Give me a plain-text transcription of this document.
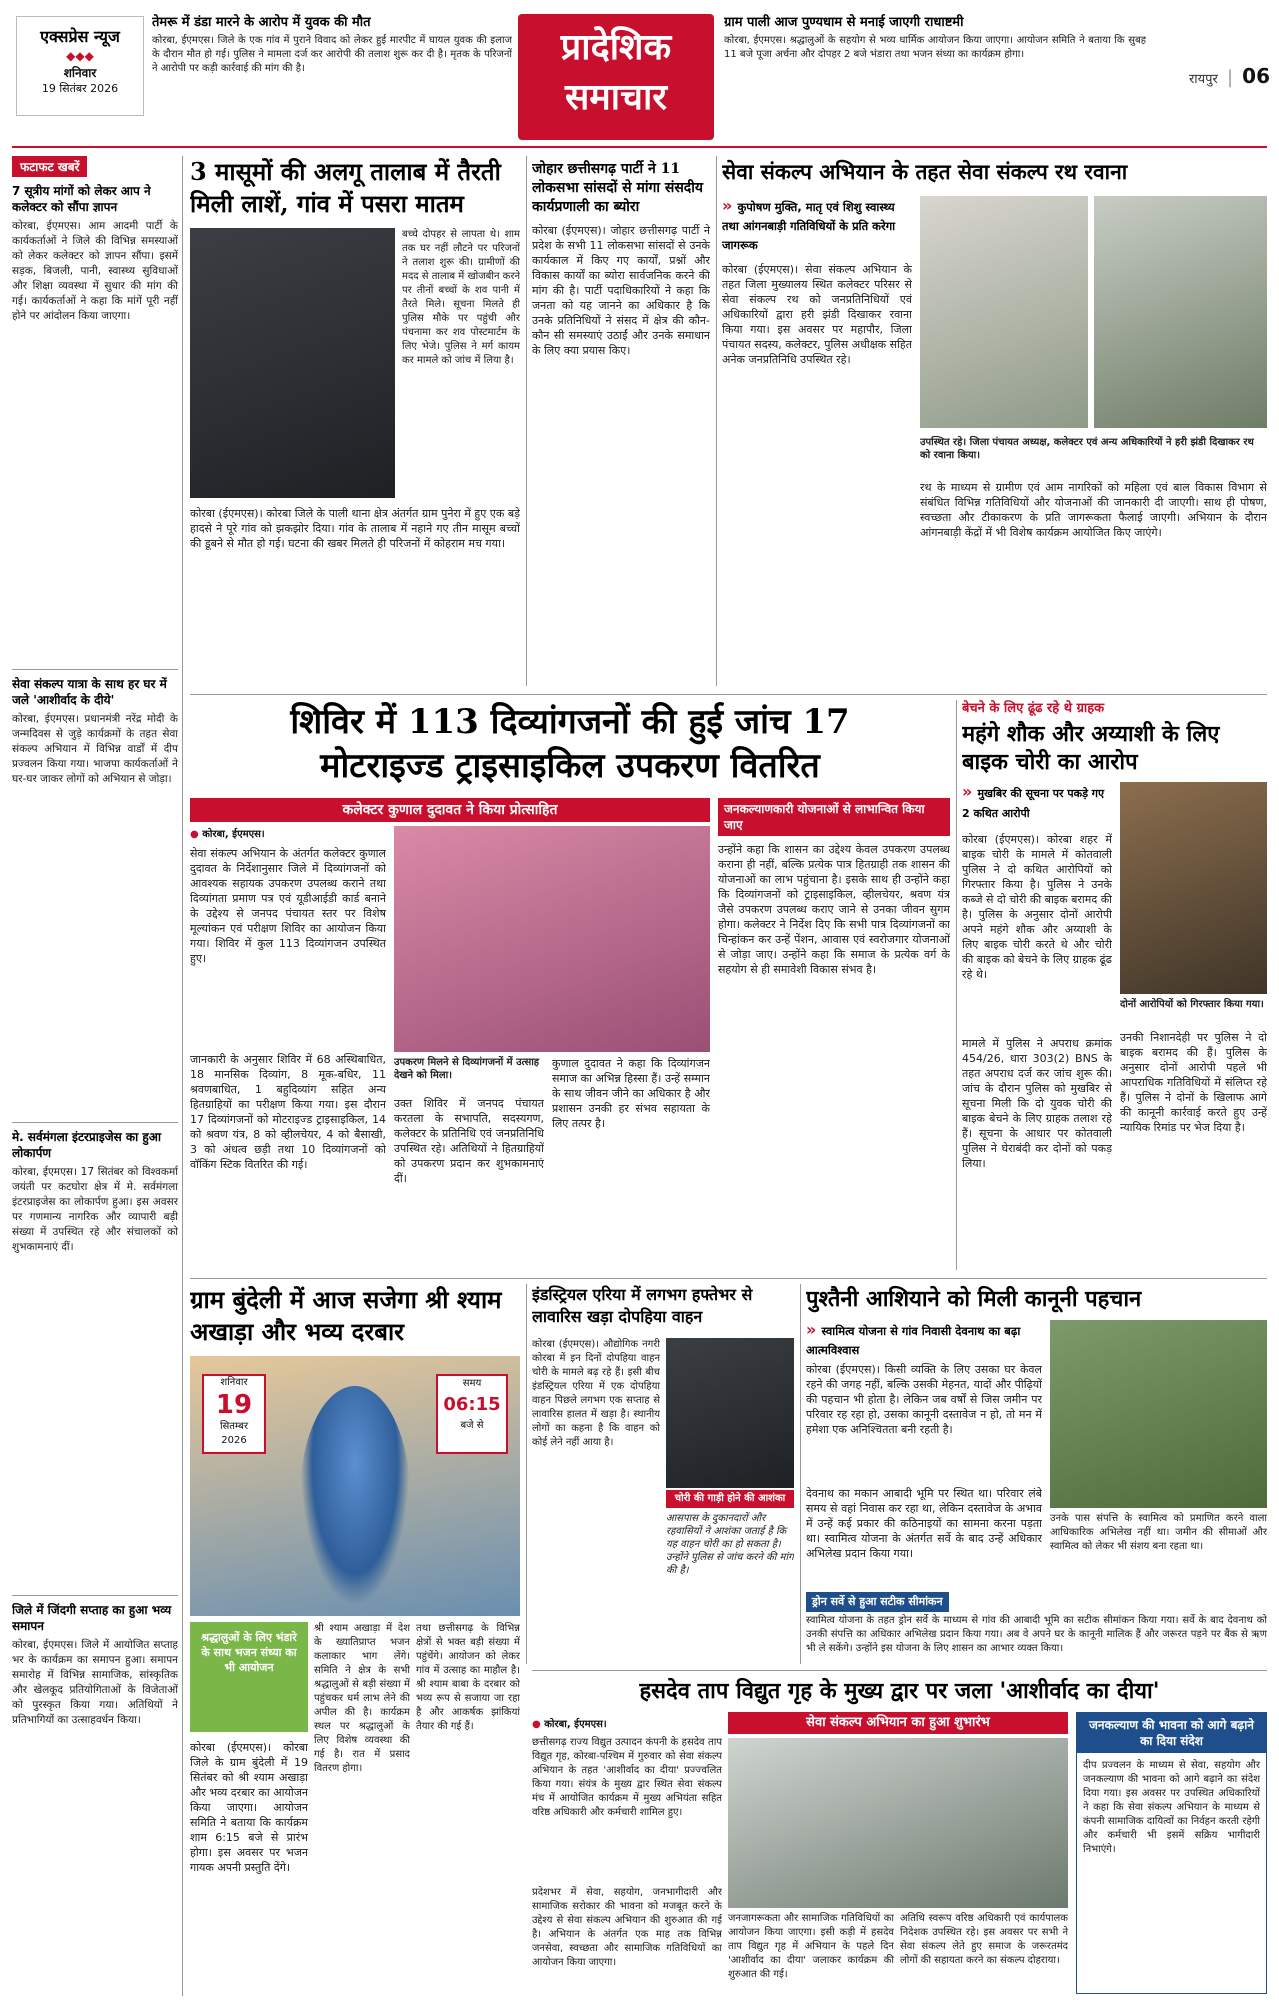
एक्सप्रेस न्यूज
◆◆◆
शनिवार
19 सितंबर 2026
तेमरू में डंडा मारने के आरोप में युवक की मौत
कोरबा, ईएमएस। जिले के एक गांव में पुराने विवाद को लेकर हुई मारपीट में घायल युवक की इलाज के दौरान मौत हो गई। पुलिस ने मामला दर्ज कर आरोपी की तलाश शुरू कर दी है। मृतक के परिजनों ने आरोपी पर कड़ी कार्रवाई की मांग की है।
प्रादेशिक
समाचार
ग्राम पाली आज पुण्यधाम से मनाई जाएगी राधाष्टमी
कोरबा, ईएमएस। श्रद्धालुओं के सहयोग से भव्य धार्मिक आयोजन किया जाएगा। आयोजन समिति ने बताया कि सुबह 11 बजे पूजा अर्चना और दोपहर 2 बजे भंडारा तथा भजन संध्या का कार्यक्रम होगा।
रायपुर | 06
फटाफट खबरें
7 सूत्रीय मांगों को लेकर आप ने कलेक्टर को सौंपा ज्ञापन
कोरबा, ईएमएस। आम आदमी पार्टी के कार्यकर्ताओं ने जिले की विभिन्न समस्याओं को लेकर कलेक्टर को ज्ञापन सौंपा। इसमें सड़क, बिजली, पानी, स्वास्थ्य सुविधाओं और शिक्षा व्यवस्था में सुधार की मांग की गई। कार्यकर्ताओं ने कहा कि मांगें पूरी नहीं होने पर आंदोलन किया जाएगा।
सेवा संकल्प यात्रा के साथ हर घर में जले 'आशीर्वाद के दीये'
कोरबा, ईएमएस। प्रधानमंत्री नरेंद्र मोदी के जन्मदिवस से जुड़े कार्यक्रमों के तहत सेवा संकल्प अभियान में विभिन्न वार्डों में दीप प्रज्वलन किया गया। भाजपा कार्यकर्ताओं ने घर-घर जाकर लोगों को अभियान से जोड़ा।
मे. सर्वमंगला इंटरप्राइजेस का हुआ लोकार्पण
कोरबा, ईएमएस। 17 सितंबर को विश्वकर्मा जयंती पर कटघोरा क्षेत्र में मे. सर्वमंगला इंटरप्राइजेस का लोकार्पण हुआ। इस अवसर पर गणमान्य नागरिक और व्यापारी बड़ी संख्या में उपस्थित रहे और संचालकों को शुभकामनाएं दीं।
जिले में जिंदगी सप्ताह का हुआ भव्य समापन
कोरबा, ईएमएस। जिले में आयोजित सप्ताह भर के कार्यक्रम का समापन हुआ। समापन समारोह में विभिन्न सामाजिक, सांस्कृतिक और खेलकूद प्रतियोगिताओं के विजेताओं को पुरस्कृत किया गया। अतिथियों ने प्रतिभागियों का उत्साहवर्धन किया।
3 मासूमों की अलगू तालाब में तैरती मिली लाशें, गांव में पसरा मातम
बच्चे दोपहर से लापता थे। शाम तक घर नहीं लौटने पर परिजनों ने तलाश शुरू की। ग्रामीणों की मदद से तालाब में खोजबीन करने पर तीनों बच्चों के शव पानी में तैरते मिले। सूचना मिलते ही पुलिस मौके पर पहुंची और पंचनामा कर शव पोस्टमार्टम के लिए भेजे। पुलिस ने मर्ग कायम कर मामले को जांच में लिया है।
कोरबा (ईएमएस)। कोरबा जिले के पाली थाना क्षेत्र अंतर्गत ग्राम पुनेरा में हुए एक बड़े हादसे ने पूरे गांव को झकझोर दिया। गांव के तालाब में नहाने गए तीन मासूम बच्चों की डूबने से मौत हो गई। घटना की खबर मिलते ही परिजनों में कोहराम मच गया।
जोहार छत्तीसगढ़ पार्टी ने 11 लोकसभा सांसदों से मांगा संसदीय कार्यप्रणाली का ब्योरा
कोरबा (ईएमएस)। जोहार छत्तीसगढ़ पार्टी ने प्रदेश के सभी 11 लोकसभा सांसदों से उनके कार्यकाल में किए गए कार्यों, प्रश्नों और विकास कार्यों का ब्योरा सार्वजनिक करने की मांग की है। पार्टी पदाधिकारियों ने कहा कि जनता को यह जानने का अधिकार है कि उनके प्रतिनिधियों ने संसद में क्षेत्र की कौन-कौन सी समस्याएं उठाईं और उनके समाधान के लिए क्या प्रयास किए।
सेवा संकल्प अभियान के तहत सेवा संकल्प रथ रवाना
» कुपोषण मुक्ति, मातृ एवं शिशु स्वास्थ्य तथा आंगनबाड़ी गतिविधियों के प्रति करेगा जागरूक
कोरबा (ईएमएस)। सेवा संकल्प अभियान के तहत जिला मुख्यालय स्थित कलेक्टर परिसर से सेवा संकल्प रथ को जनप्रतिनिधियों एवं अधिकारियों द्वारा हरी झंडी दिखाकर रवाना किया गया। इस अवसर पर महापौर, जिला पंचायत सदस्य, कलेक्टर, पुलिस अधीक्षक सहित अनेक जनप्रतिनिधि उपस्थित रहे।
उपस्थित रहे। जिला पंचायत अध्यक्ष, कलेक्टर एवं अन्य अधिकारियों ने हरी झंडी दिखाकर रथ को रवाना किया।
रथ के माध्यम से ग्रामीण एवं आम नागरिकों को महिला एवं बाल विकास विभाग से संबंधित विभिन्न गतिविधियों और योजनाओं की जानकारी दी जाएगी। साथ ही पोषण, स्वच्छता और टीकाकरण के प्रति जागरूकता फैलाई जाएगी। अभियान के दौरान आंगनबाड़ी केंद्रों में भी विशेष कार्यक्रम आयोजित किए जाएंगे।
शिविर में 113 दिव्यांगजनों की हुई जांच 17
मोटराइज्ड ट्राइसाइकिल उपकरण वितरित
कलेक्टर कुणाल दुदावत ने किया प्रोत्साहित
● कोरबा, ईएमएस।
सेवा संकल्प अभियान के अंतर्गत कलेक्टर कुणाल दुदावत के निर्देशानुसार जिले में दिव्यांगजनों को आवश्यक सहायक उपकरण उपलब्ध कराने तथा दिव्यांगता प्रमाण पत्र एवं यूडीआईडी कार्ड बनाने के उद्देश्य से जनपद पंचायत स्तर पर विशेष मूल्यांकन एवं परीक्षण शिविर का आयोजन किया गया। शिविर में कुल 113 दिव्यांगजन उपस्थित हुए।
जानकारी के अनुसार शिविर में 68 अस्थिबाधित, 18 मानसिक दिव्यांग, 8 मूक-बधिर, 11 श्रवणबाधित, 1 बहुदिव्यांग सहित अन्य हितग्राहियों का परीक्षण किया गया। इस दौरान 17 दिव्यांगजनों को मोटराइज्ड ट्राइसाइकिल, 14 को श्रवण यंत्र, 8 को व्हीलचेयर, 4 को बैसाखी, 3 को अंधत्व छड़ी तथा 10 दिव्यांगजनों को वॉकिंग स्टिक वितरित की गई।
उपकरण मिलने से दिव्यांगजनों में उत्साह देखने को मिला।
उक्त शिविर में जनपद पंचायत करतला के सभापति, सदस्यगण, कलेक्टर के प्रतिनिधि एवं जनप्रतिनिधि उपस्थित रहे। अतिथियों ने हितग्राहियों को उपकरण प्रदान कर शुभकामनाएं दीं।
कुणाल दुदावत ने कहा कि दिव्यांगजन समाज का अभिन्न हिस्सा हैं। उन्हें सम्मान के साथ जीवन जीने का अधिकार है और प्रशासन उनकी हर संभव सहायता के लिए तत्पर है।
जनकल्याणकारी योजनाओं से लाभान्वित किया जाए
उन्होंने कहा कि शासन का उद्देश्य केवल उपकरण उपलब्ध कराना ही नहीं, बल्कि प्रत्येक पात्र हितग्राही तक शासन की योजनाओं का लाभ पहुंचाना है। इसके साथ ही उन्होंने कहा कि दिव्यांगजनों को ट्राइसाइकिल, व्हीलचेयर, श्रवण यंत्र जैसे उपकरण उपलब्ध कराए जाने से उनका जीवन सुगम होगा। कलेक्टर ने निर्देश दिए कि सभी पात्र दिव्यांगजनों का चिन्हांकन कर उन्हें पेंशन, आवास एवं स्वरोजगार योजनाओं से जोड़ा जाए। उन्होंने कहा कि समाज के प्रत्येक वर्ग के सहयोग से ही समावेशी विकास संभव है।
बेचने के लिए ढूंढ रहे थे ग्राहक
महंगे शौक और अय्याशी के लिए बाइक चोरी का आरोप
» मुखबिर की सूचना पर पकड़े गए 2 कथित आरोपी
कोरबा (ईएमएस)। कोरबा शहर में बाइक चोरी के मामले में कोतवाली पुलिस ने दो कथित आरोपियों को गिरफ्तार किया है। पुलिस ने उनके कब्जे से दो चोरी की बाइक बरामद की है। पुलिस के अनुसार दोनों आरोपी अपने महंगे शौक और अय्याशी के लिए बाइक चोरी करते थे और चोरी की बाइक को बेचने के लिए ग्राहक ढूंढ रहे थे।
दोनों आरोपियों को गिरफ्तार किया गया।
मामले में पुलिस ने अपराध क्रमांक 454/26, धारा 303(2) BNS के तहत अपराध दर्ज कर जांच शुरू की। जांच के दौरान पुलिस को मुखबिर से सूचना मिली कि दो युवक चोरी की बाइक बेचने के लिए ग्राहक तलाश रहे हैं। सूचना के आधार पर कोतवाली पुलिस ने घेराबंदी कर दोनों को पकड़ लिया।
उनकी निशानदेही पर पुलिस ने दो बाइक बरामद की हैं। पुलिस के अनुसार दोनों आरोपी पहले भी आपराधिक गतिविधियों में संलिप्त रहे हैं। पुलिस ने दोनों के खिलाफ आगे की कानूनी कार्रवाई करते हुए उन्हें न्यायिक रिमांड पर भेज दिया है।
ग्राम बुंदेली में आज सजेगा श्री श्याम अखाड़ा और भव्य दरबार
शनिवार
19
सितम्बर
2026
समय
06:15
बजे से
श्रद्धालुओं के लिए भंडारे के साथ भजन संध्या का भी आयोजन
कोरबा (ईएमएस)। कोरबा जिले के ग्राम बुंदेली में 19 सितंबर को श्री श्याम अखाड़ा और भव्य दरबार का आयोजन किया जाएगा। आयोजन समिति ने बताया कि कार्यक्रम शाम 6:15 बजे से प्रारंभ होगा। इस अवसर पर भजन गायक अपनी प्रस्तुति देंगे।
श्री श्याम अखाड़ा में देश के ख्यातिप्राप्त भजन कलाकार भाग लेंगे। समिति ने क्षेत्र के सभी श्रद्धालुओं से बड़ी संख्या में पहुंचकर धर्म लाभ लेने की अपील की है। कार्यक्रम स्थल पर श्रद्धालुओं के लिए विशेष व्यवस्था की गई है। रात में प्रसाद वितरण होगा।
तथा छत्तीसगढ़ के विभिन्न क्षेत्रों से भक्त बड़ी संख्या में पहुंचेंगे। आयोजन को लेकर गांव में उत्साह का माहौल है। श्री श्याम बाबा के दरबार को भव्य रूप से सजाया जा रहा है और आकर्षक झांकियां तैयार की गई हैं।
इंडस्ट्रियल एरिया में लगभग हफ्तेभर से लावारिस खड़ा दोपहिया वाहन
कोरबा (ईएमएस)। औद्योगिक नगरी कोरबा में इन दिनों दोपहिया वाहन चोरी के मामले बढ़ रहे हैं। इसी बीच इंडस्ट्रियल एरिया में एक दोपहिया वाहन पिछले लगभग एक सप्ताह से लावारिस हालत में खड़ा है। स्थानीय लोगों का कहना है कि वाहन को कोई लेने नहीं आया है।
चोरी की गाड़ी होने की आशंका
आसपास के दुकानदारों और रहवासियों ने आशंका जताई है कि यह वाहन चोरी का हो सकता है। उन्होंने पुलिस से जांच करने की मांग की है।
पुश्तैनी आशियाने को मिली कानूनी पहचान
» स्वामित्व योजना से गांव निवासी देवनाथ का बढ़ा आत्मविश्वास
कोरबा (ईएमएस)। किसी व्यक्ति के लिए उसका घर केवल रहने की जगह नहीं, बल्कि उसकी मेहनत, यादों और पीढ़ियों की पहचान भी होता है। लेकिन जब वर्षों से जिस जमीन पर परिवार रह रहा हो, उसका कानूनी दस्तावेज न हो, तो मन में हमेशा एक अनिश्चितता बनी रहती है।
देवनाथ का मकान आबादी भूमि पर स्थित था। परिवार लंबे समय से वहां निवास कर रहा था, लेकिन दस्तावेज के अभाव में उन्हें कई प्रकार की कठिनाइयों का सामना करना पड़ता था। स्वामित्व योजना के अंतर्गत सर्वे के बाद उन्हें अधिकार अभिलेख प्रदान किया गया।
उनके पास संपत्ति के स्वामित्व को प्रमाणित करने वाला आधिकारिक अभिलेख नहीं था। जमीन की सीमाओं और स्वामित्व को लेकर भी संशय बना रहता था।
ड्रोन सर्वे से हुआ सटीक सीमांकन
स्वामित्व योजना के तहत ड्रोन सर्वे के माध्यम से गांव की आबादी भूमि का सटीक सीमांकन किया गया। सर्वे के बाद देवनाथ को उनकी संपत्ति का अधिकार अभिलेख प्रदान किया गया। अब वे अपने घर के कानूनी मालिक हैं और जरूरत पड़ने पर बैंक से ऋण भी ले सकेंगे। उन्होंने इस योजना के लिए शासन का आभार व्यक्त किया।
हसदेव ताप विद्युत गृह के मुख्य द्वार पर जला 'आशीर्वाद का दीया'
सेवा संकल्प अभियान का हुआ शुभारंभ
● कोरबा, ईएमएस।
छत्तीसगढ़ राज्य विद्युत उत्पादन कंपनी के हसदेव ताप विद्युत गृह, कोरबा-पश्चिम में गुरुवार को सेवा संकल्प अभियान के तहत 'आशीर्वाद का दीया' प्रज्ज्वलित किया गया। संयंत्र के मुख्य द्वार स्थित सेवा संकल्प मंच में आयोजित कार्यक्रम में मुख्य अभियंता सहित वरिष्ठ अधिकारी और कर्मचारी शामिल हुए।
प्रदेशभर में सेवा, सहयोग, जनभागीदारी और सामाजिक सरोकार की भावना को मजबूत करने के उद्देश्य से सेवा संकल्प अभियान की शुरुआत की गई है। अभियान के अंतर्गत एक माह तक विभिन्न जनसेवा, स्वच्छता और सामाजिक गतिविधियों का आयोजन किया जाएगा।
जनजागरूकता और सामाजिक गतिविधियों का आयोजन किया जाएगा। इसी कड़ी में हसदेव ताप विद्युत गृह में अभियान के पहले दिन 'आशीर्वाद का दीया' जलाकर कार्यक्रम की शुरुआत की गई।
अतिथि स्वरूप वरिष्ठ अधिकारी एवं कार्यपालक निदेशक उपस्थित रहे। इस अवसर पर सभी ने सेवा संकल्प लेते हुए समाज के जरूरतमंद लोगों की सहायता करने का संकल्प दोहराया।
जनकल्याण की भावना को आगे बढ़ाने का दिया संदेश
दीप प्रज्वलन के माध्यम से सेवा, सहयोग और जनकल्याण की भावना को आगे बढ़ाने का संदेश दिया गया। इस अवसर पर उपस्थित अधिकारियों ने कहा कि सेवा संकल्प अभियान के माध्यम से कंपनी सामाजिक दायित्वों का निर्वहन करती रहेगी और कर्मचारी भी इसमें सक्रिय भागीदारी निभाएंगे।
